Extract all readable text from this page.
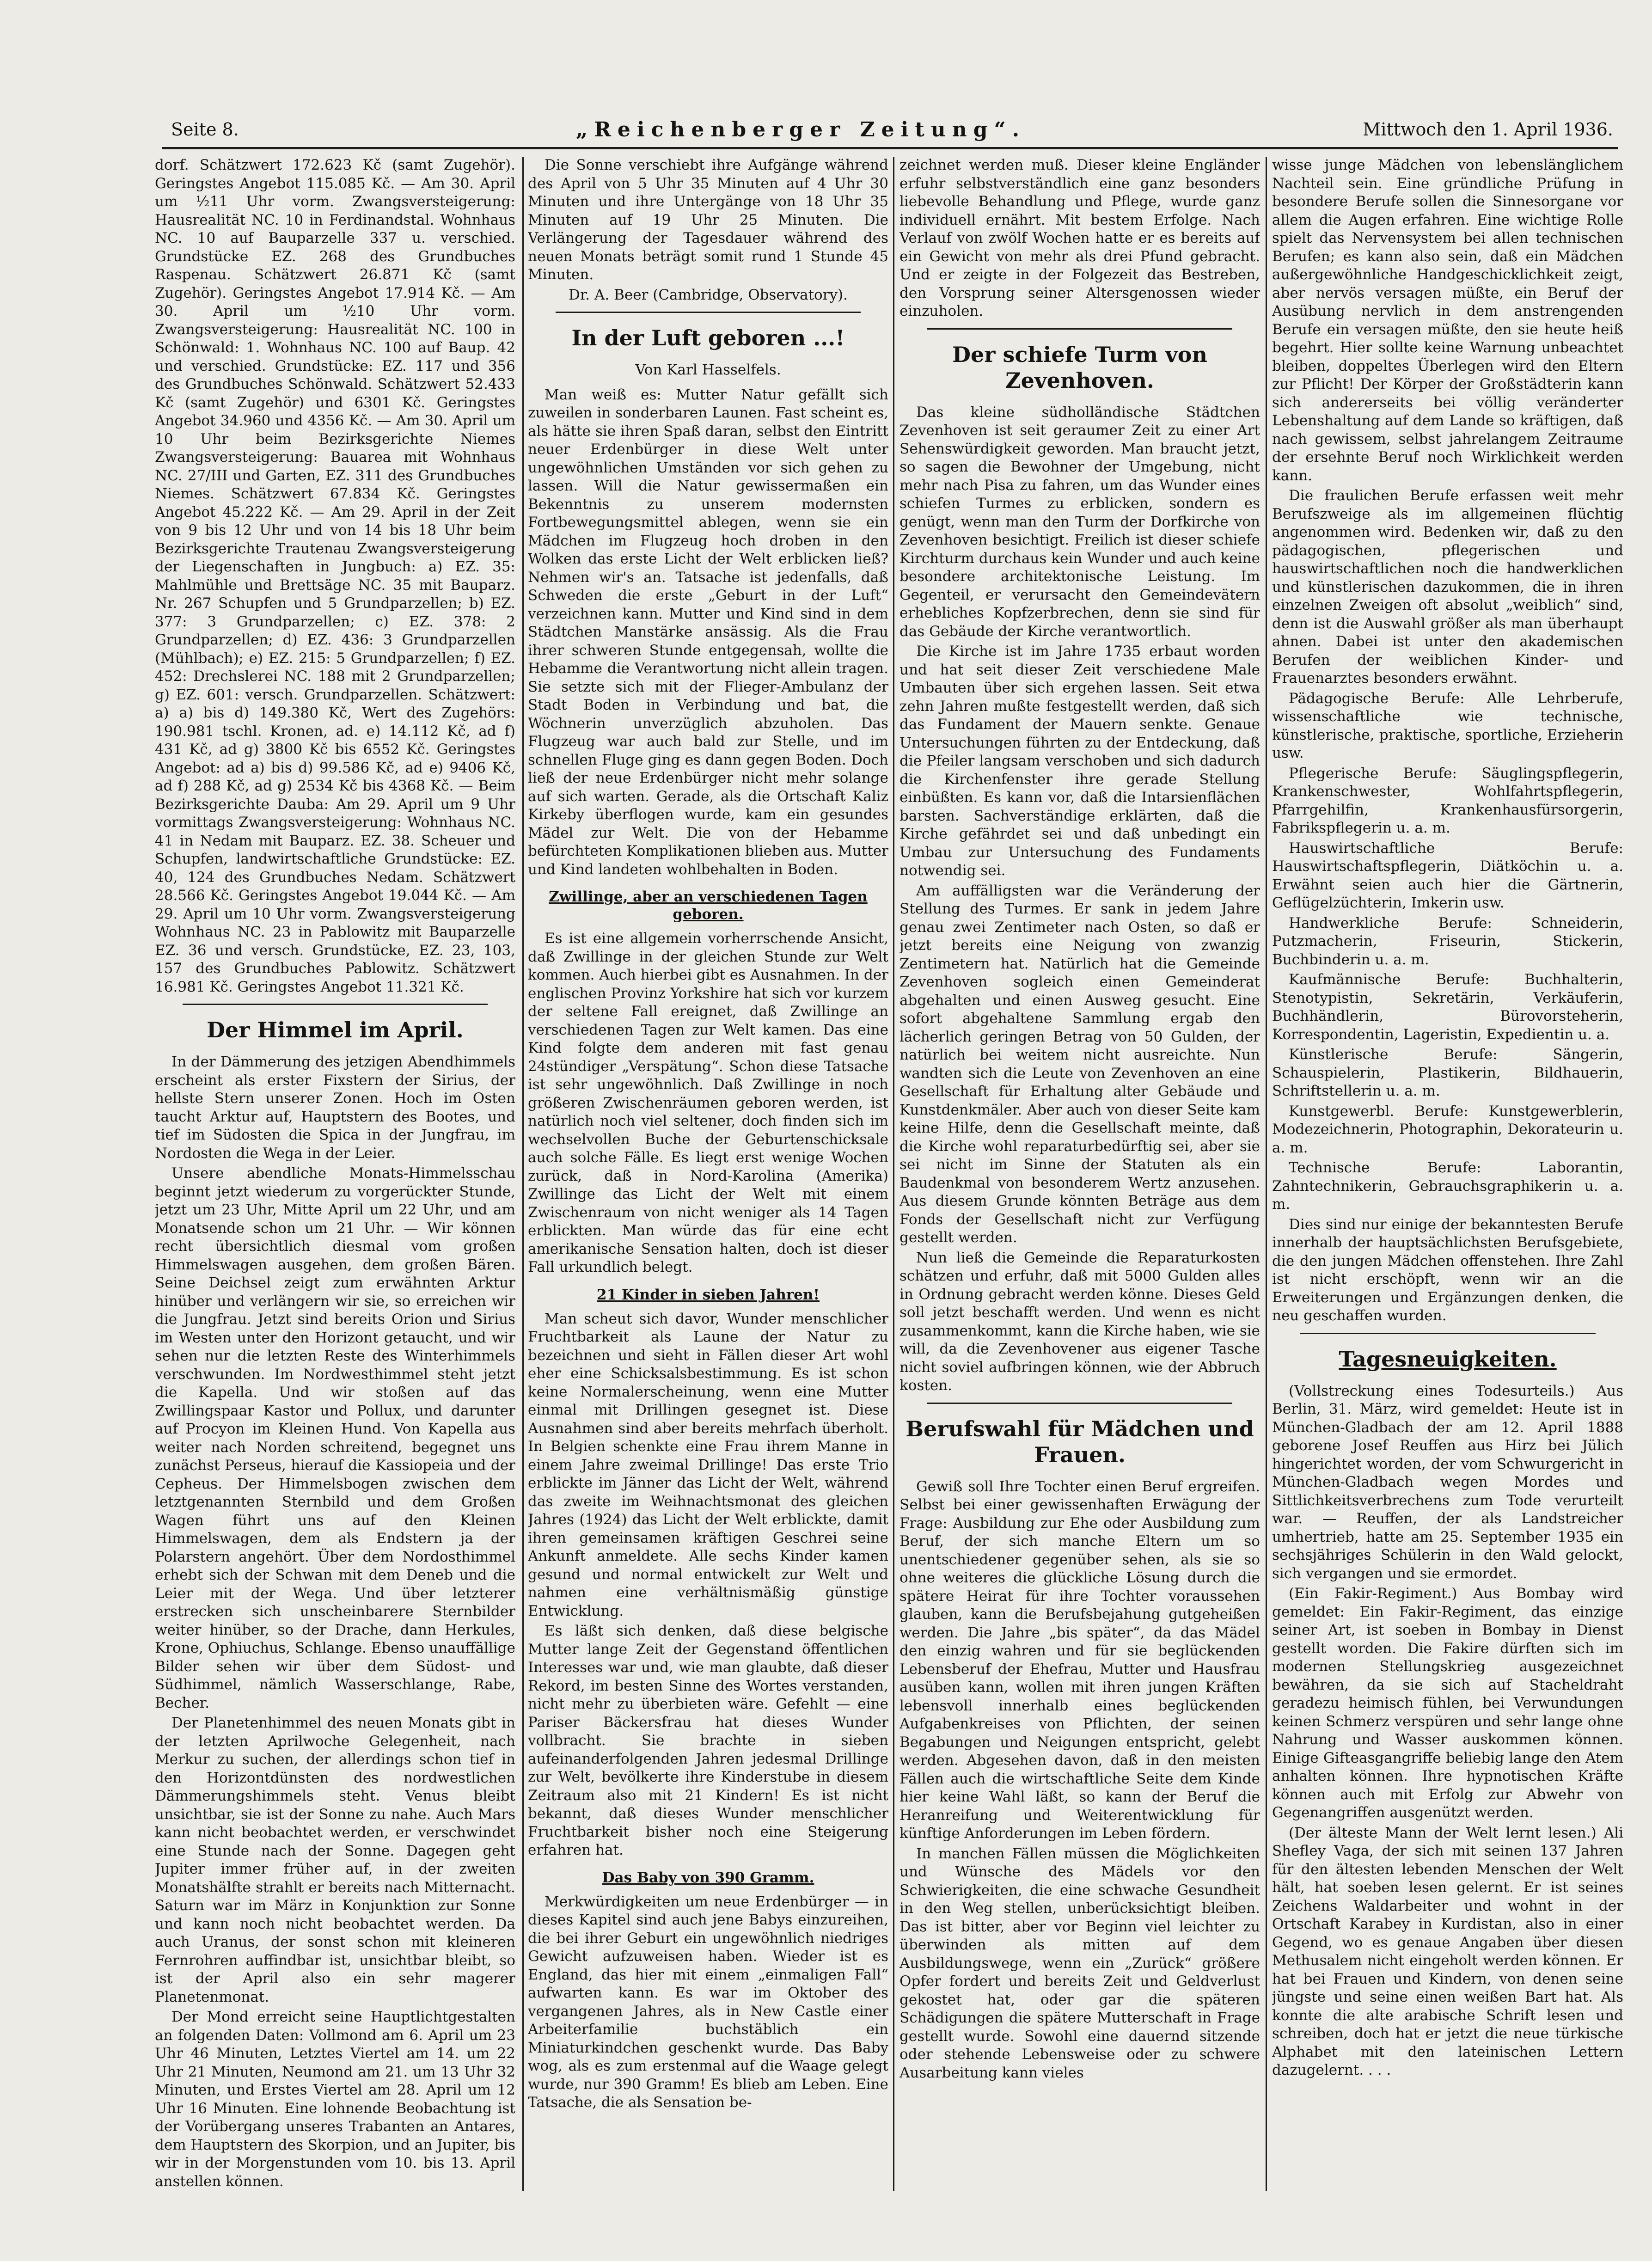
Seite 8.	„Reichenberger Zeitung“.	Mittwoch den 1. April 1936.

dorf. Schätzwert 172.623 Kč (samt Zugehör). Geringstes Angebot 115.085 Kč. — Am 30. April um ½11 Uhr vorm. Zwangsversteigerung: Hausrealität NC. 10 in Ferdinandstal. Wohnhaus NC. 10 auf Bauparzelle 337 u. verschied. Grundstücke EZ. 268 des Grundbuches Raspenau. Schätzwert 26.871 Kč (samt Zugehör). Geringstes Angebot 17.914 Kč. — Am 30. April um ½10 Uhr vorm. Zwangsversteigerung: Hausrealität NC. 100 in Schönwald: 1. Wohnhaus NC. 100 auf Baup. 42 und verschied. Grundstücke: EZ. 117 und 356 des Grundbuches Schönwald. Schätzwert 52.433 Kč (samt Zugehör) und 6301 Kč. Geringstes Angebot 34.960 und 4356 Kč. — Am 30. April um 10 Uhr beim Bezirksgerichte Niemes Zwangsversteigerung: Bauarea mit Wohnhaus NC. 27/III und Garten, EZ. 311 des Grundbuches Niemes. Schätzwert 67.834 Kč. Geringstes Angebot 45.222 Kč. — Am 29. April in der Zeit von 9 bis 12 Uhr und von 14 bis 18 Uhr beim Bezirksgerichte Trautenau Zwangsversteigerung der Liegenschaften in Jungbuch: a) EZ. 35: Mahlmühle und Brettsäge NC. 35 mit Bauparz. Nr. 267 Schupfen und 5 Grundparzellen; b) EZ. 377: 3 Grundparzellen; c) EZ. 378: 2 Grundparzellen; d) EZ. 436: 3 Grundparzellen (Mühlbach); e) EZ. 215: 5 Grundparzellen; f) EZ. 452: Drechslerei NC. 188 mit 2 Grundparzellen; g) EZ. 601: versch. Grundparzellen. Schätzwert: a) a) bis d) 149.380 Kč, Wert des Zugehörs: 190.981 tschl. Kronen, ad. e) 14.112 Kč, ad f) 431 Kč, ad g) 3800 Kč bis 6552 Kč. Geringstes Angebot: ad a) bis d) 99.586 Kč, ad e) 9406 Kč, ad f) 288 Kč, ad g) 2534 Kč bis 4368 Kč. — Beim Bezirksgerichte Dauba: Am 29. April um 9 Uhr vormittags Zwangsversteigerung: Wohnhaus NC. 41 in Nedam mit Bauparz. EZ. 38. Scheuer und Schupfen, landwirtschaftliche Grundstücke: EZ. 40, 124 des Grundbuches Nedam. Schätzwert 28.566 Kč. Geringstes Angebot 19.044 Kč. — Am 29. April um 10 Uhr vorm. Zwangsversteigerung Wohnhaus NC. 23 in Pablowitz mit Bauparzelle EZ. 36 und versch. Grundstücke, EZ. 23, 103, 157 des Grundbuches Pablowitz. Schätzwert 16.981 Kč. Geringstes Angebot 11.321 Kč.

Der Himmel im April.

In der Dämmerung des jetzigen Abendhimmels erscheint als erster Fixstern der Sirius, der hellste Stern unserer Zonen. Hoch im Osten taucht Arktur auf, Hauptstern des Bootes, und tief im Südosten die Spica in der Jungfrau, im Nordosten die Wega in der Leier.

Unsere abendliche Monats-Himmelsschau beginnt jetzt wiederum zu vorgerückter Stunde, jetzt um 23 Uhr, Mitte April um 22 Uhr, und am Monatsende schon um 21 Uhr. — Wir können recht übersichtlich diesmal vom großen Himmelswagen ausgehen, dem großen Bären. Seine Deichsel zeigt zum erwähnten Arktur hinüber und verlängern wir sie, so erreichen wir die Jungfrau. Jetzt sind bereits Orion und Sirius im Westen unter den Horizont getaucht, und wir sehen nur die letzten Reste des Winterhimmels verschwunden. Im Nordwesthimmel steht jetzt die Kapella. Und wir stoßen auf das Zwillingspaar Kastor und Pollux, und darunter auf Procyon im Kleinen Hund. Von Kapella aus weiter nach Norden schreitend, begegnet uns zunächst Perseus, hierauf die Kassiopeia und der Cepheus. Der Himmelsbogen zwischen dem letztgenannten Sternbild und dem Großen Wagen führt uns auf den Kleinen Himmelswagen, dem als Endstern ja der Polarstern angehört. Über dem Nordosthimmel erhebt sich der Schwan mit dem Deneb und die Leier mit der Wega. Und über letzterer erstrecken sich unscheinbarere Sternbilder weiter hinüber, so der Drache, dann Herkules, Krone, Ophiuchus, Schlange. Ebenso unauffällige Bilder sehen wir über dem Südost- und Südhimmel, nämlich Wasserschlange, Rabe, Becher.

Der Planetenhimmel des neuen Monats gibt in der letzten Aprilwoche Gelegenheit, nach Merkur zu suchen, der allerdings schon tief in den Horizontdünsten des nordwestlichen Dämmerungshimmels steht. Venus bleibt unsichtbar, sie ist der Sonne zu nahe. Auch Mars kann nicht beobachtet werden, er verschwindet eine Stunde nach der Sonne. Dagegen geht Jupiter immer früher auf, in der zweiten Monatshälfte strahlt er bereits nach Mitternacht. Saturn war im März in Konjunktion zur Sonne und kann noch nicht beobachtet werden. Da auch Uranus, der sonst schon mit kleineren Fernrohren auffindbar ist, unsichtbar bleibt, so ist der April also ein sehr magerer Planetenmonat.

Der Mond erreicht seine Hauptlichtgestalten an folgenden Daten: Vollmond am 6. April um 23 Uhr 46 Minuten, Letztes Viertel am 14. um 22 Uhr 21 Minuten, Neumond am 21. um 13 Uhr 32 Minuten, und Erstes Viertel am 28. April um 12 Uhr 16 Minuten. Eine lohnende Beobachtung ist der Vorübergang unseres Trabanten an Antares, dem Hauptstern des Skorpion, und an Jupiter, bis wir in der Morgenstunden vom 10. bis 13. April anstellen können.

Die Sonne verschiebt ihre Aufgänge während des April von 5 Uhr 35 Minuten auf 4 Uhr 30 Minuten und ihre Untergänge von 18 Uhr 35 Minuten auf 19 Uhr 25 Minuten. Die Verlängerung der Tagesdauer während des neuen Monats beträgt somit rund 1 Stunde 45 Minuten.

Dr. A. Beer (Cambridge, Observatory).

In der Luft geboren ...!

Von Karl Hasselfels.

Man weiß es: Mutter Natur gefällt sich zuweilen in sonderbaren Launen. Fast scheint es, als hätte sie ihren Spaß daran, selbst den Eintritt neuer Erdenbürger in diese Welt unter ungewöhnlichen Umständen vor sich gehen zu lassen. Will die Natur gewissermaßen ein Bekenntnis zu unserem modernsten Fortbewegungsmittel ablegen, wenn sie ein Mädchen im Flugzeug hoch droben in den Wolken das erste Licht der Welt erblicken ließ? Nehmen wir's an. Tatsache ist jedenfalls, daß Schweden die erste „Geburt in der Luft“ verzeichnen kann. Mutter und Kind sind in dem Städtchen Manstärke ansässig. Als die Frau ihrer schweren Stunde entgegensah, wollte die Hebamme die Verantwortung nicht allein tragen. Sie setzte sich mit der Flieger-Ambulanz der Stadt Boden in Verbindung und bat, die Wöchnerin unverzüglich abzuholen. Das Flugzeug war auch bald zur Stelle, und im schnellen Fluge ging es dann gegen Boden. Doch ließ der neue Erdenbürger nicht mehr solange auf sich warten. Gerade, als die Ortschaft Kaliz Kirkeby überflogen wurde, kam ein gesundes Mädel zur Welt. Die von der Hebamme befürchteten Komplikationen blieben aus. Mutter und Kind landeten wohlbehalten in Boden.

Zwillinge, aber an verschiedenen Tagen geboren.

Es ist eine allgemein vorherrschende Ansicht, daß Zwillinge in der gleichen Stunde zur Welt kommen. Auch hierbei gibt es Ausnahmen. In der englischen Provinz Yorkshire hat sich vor kurzem der seltene Fall ereignet, daß Zwillinge an verschiedenen Tagen zur Welt kamen. Das eine Kind folgte dem anderen mit fast genau 24stündiger „Verspätung“. Schon diese Tatsache ist sehr ungewöhnlich. Daß Zwillinge in noch größeren Zwischenräumen geboren werden, ist natürlich noch viel seltener, doch finden sich im wechselvollen Buche der Geburtenschicksale auch solche Fälle. Es liegt erst wenige Wochen zurück, daß in Nord-Karolina (Amerika) Zwillinge das Licht der Welt mit einem Zwischenraum von nicht weniger als 14 Tagen erblickten. Man würde das für eine echt amerikanische Sensation halten, doch ist dieser Fall urkundlich belegt.

21 Kinder in sieben Jahren!

Man scheut sich davor, Wunder menschlicher Fruchtbarkeit als Laune der Natur zu bezeichnen und sieht in Fällen dieser Art wohl eher eine Schicksalsbestimmung. Es ist schon keine Normalerscheinung, wenn eine Mutter einmal mit Drillingen gesegnet ist. Diese Ausnahmen sind aber bereits mehrfach überholt. In Belgien schenkte eine Frau ihrem Manne in einem Jahre zweimal Drillinge! Das erste Trio erblickte im Jänner das Licht der Welt, während das zweite im Weihnachtsmonat des gleichen Jahres (1924) das Licht der Welt erblickte, damit ihren gemeinsamen kräftigen Geschrei seine Ankunft anmeldete. Alle sechs Kinder kamen gesund und normal entwickelt zur Welt und nahmen eine verhältnismäßig günstige Entwicklung.

Es läßt sich denken, daß diese belgische Mutter lange Zeit der Gegenstand öffentlichen Interesses war und, wie man glaubte, daß dieser Rekord, im besten Sinne des Wortes verstanden, nicht mehr zu überbieten wäre. Gefehlt — eine Pariser Bäckersfrau hat dieses Wunder vollbracht. Sie brachte in sieben aufeinanderfolgenden Jahren jedesmal Drillinge zur Welt, bevölkerte ihre Kinderstube in diesem Zeitraum also mit 21 Kindern! Es ist nicht bekannt, daß dieses Wunder menschlicher Fruchtbarkeit bisher noch eine Steigerung erfahren hat.

Das Baby von 390 Gramm.

Merkwürdigkeiten um neue Erdenbürger — in dieses Kapitel sind auch jene Babys einzureihen, die bei ihrer Geburt ein ungewöhnlich niedriges Gewicht aufzuweisen haben. Wieder ist es England, das hier mit einem „einmaligen Fall“ aufwarten kann. Es war im Oktober des vergangenen Jahres, als in New Castle einer Arbeiterfamilie buchstäblich ein Miniaturkindchen geschenkt wurde. Das Baby wog, als es zum erstenmal auf die Waage gelegt wurde, nur 390 Gramm! Es blieb am Leben. Eine Tatsache, die als Sensation be-

zeichnet werden muß. Dieser kleine Engländer erfuhr selbstverständlich eine ganz besonders liebevolle Behandlung und Pflege, wurde ganz individuell ernährt. Mit bestem Erfolge. Nach Verlauf von zwölf Wochen hatte er es bereits auf ein Gewicht von mehr als drei Pfund gebracht. Und er zeigte in der Folgezeit das Bestreben, den Vorsprung seiner Altersgenossen wieder einzuholen.

Der schiefe Turm von Zevenhoven.

Das kleine südholländische Städtchen Zevenhoven ist seit geraumer Zeit zu einer Art Sehenswürdigkeit geworden. Man braucht jetzt, so sagen die Bewohner der Umgebung, nicht mehr nach Pisa zu fahren, um das Wunder eines schiefen Turmes zu erblicken, sondern es genügt, wenn man den Turm der Dorfkirche von Zevenhoven besichtigt. Freilich ist dieser schiefe Kirchturm durchaus kein Wunder und auch keine besondere architektonische Leistung. Im Gegenteil, er verursacht den Gemeindevätern erhebliches Kopfzerbrechen, denn sie sind für das Gebäude der Kirche verantwortlich.

Die Kirche ist im Jahre 1735 erbaut worden und hat seit dieser Zeit verschiedene Male Umbauten über sich ergehen lassen. Seit etwa zehn Jahren mußte festgestellt werden, daß sich das Fundament der Mauern senkte. Genaue Untersuchungen führten zu der Entdeckung, daß die Pfeiler langsam verschoben und sich dadurch die Kirchenfenster ihre gerade Stellung einbüßten. Es kann vor, daß die Intarsienflächen barsten. Sachverständige erklärten, daß die Kirche gefährdet sei und daß unbedingt ein Umbau zur Untersuchung des Fundaments notwendig sei.

Am auffälligsten war die Veränderung der Stellung des Turmes. Er sank in jedem Jahre genau zwei Zentimeter nach Osten, so daß er jetzt bereits eine Neigung von zwanzig Zentimetern hat. Natürlich hat die Gemeinde Zevenhoven sogleich einen Gemeinderat abgehalten und einen Ausweg gesucht. Eine sofort abgehaltene Sammlung ergab den lächerlich geringen Betrag von 50 Gulden, der natürlich bei weitem nicht ausreichte. Nun wandten sich die Leute von Zevenhoven an eine Gesellschaft für Erhaltung alter Gebäude und Kunstdenkmäler. Aber auch von dieser Seite kam keine Hilfe, denn die Gesellschaft meinte, daß die Kirche wohl reparaturbedürftig sei, aber sie sei nicht im Sinne der Statuten als ein Baudenkmal von besonderem Wertz anzusehen. Aus diesem Grunde könnten Beträge aus dem Fonds der Gesellschaft nicht zur Verfügung gestellt werden.

Nun ließ die Gemeinde die Reparaturkosten schätzen und erfuhr, daß mit 5000 Gulden alles in Ordnung gebracht werden könne. Dieses Geld soll jetzt beschafft werden. Und wenn es nicht zusammenkommt, kann die Kirche haben, wie sie will, da die Zevenhovener aus eigener Tasche nicht soviel aufbringen können, wie der Abbruch kosten.

Berufswahl für Mädchen und Frauen.

Gewiß soll Ihre Tochter einen Beruf ergreifen. Selbst bei einer gewissenhaften Erwägung der Frage: Ausbildung zur Ehe oder Ausbildung zum Beruf, der sich manche Eltern um so unentschiedener gegenüber sehen, als sie so ohne weiteres die glückliche Lösung durch die spätere Heirat für ihre Tochter voraussehen glauben, kann die Berufsbejahung gutgeheißen werden. Die Jahre „bis später“, da das Mädel den einzig wahren und für sie beglückenden Lebensberuf der Ehefrau, Mutter und Hausfrau ausüben kann, wollen mit ihren jungen Kräften lebensvoll innerhalb eines beglückenden Aufgabenkreises von Pflichten, der seinen Begabungen und Neigungen entspricht, gelebt werden. Abgesehen davon, daß in den meisten Fällen auch die wirtschaftliche Seite dem Kinde hier keine Wahl läßt, so kann der Beruf die Heranreifung und Weiterentwicklung für künftige Anforderungen im Leben fördern.

In manchen Fällen müssen die Möglichkeiten und Wünsche des Mädels vor den Schwierigkeiten, die eine schwache Gesundheit in den Weg stellen, unberücksichtigt bleiben. Das ist bitter, aber vor Beginn viel leichter zu überwinden als mitten auf dem Ausbildungswege, wenn ein „Zurück“ größere Opfer fordert und bereits Zeit und Geldverlust gekostet hat, oder gar die späteren Schädigungen die spätere Mutterschaft in Frage gestellt wurde. Sowohl eine dauernd sitzende oder stehende Lebensweise oder zu schwere Ausarbeitung kann vieles

wisse junge Mädchen von lebenslänglichem Nachteil sein. Eine gründliche Prüfung in besondere Berufe sollen die Sinnesorgane vor allem die Augen erfahren. Eine wichtige Rolle spielt das Nervensystem bei allen technischen Berufen; es kann also sein, daß ein Mädchen außergewöhnliche Handgeschicklichkeit zeigt, aber nervös versagen müßte, ein Beruf der Ausübung nervlich in dem anstrengenden Berufe ein versagen müßte, den sie heute heiß begehrt. Hier sollte keine Warnung unbeachtet bleiben, doppeltes Überlegen wird den Eltern zur Pflicht! Der Körper der Großstädterin kann sich andererseits bei völlig veränderter Lebenshaltung auf dem Lande so kräftigen, daß nach gewissem, selbst jahrelangem Zeitraume der ersehnte Beruf noch Wirklichkeit werden kann.

Die fraulichen Berufe erfassen weit mehr Berufszweige als im allgemeinen flüchtig angenommen wird. Bedenken wir, daß zu den pädagogischen, pflegerischen und hauswirtschaftlichen noch die handwerklichen und künstlerischen dazukommen, die in ihren einzelnen Zweigen oft absolut „weiblich“ sind, denn ist die Auswahl größer als man überhaupt ahnen. Dabei ist unter den akademischen Berufen der weiblichen Kinder- und Frauenarztes besonders erwähnt.

Pädagogische Berufe: Alle Lehrberufe, wissenschaftliche wie technische, künstlerische, praktische, sportliche, Erzieherin usw.

Pflegerische Berufe: Säuglingspflegerin, Krankenschwester, Wohlfahrtspflegerin, Pfarrgehilfin, Krankenhausfürsorgerin, Fabrikspflegerin u. a. m.

Hauswirtschaftliche Berufe: Hauswirtschaftspflegerin, Diätköchin u. a. Erwähnt seien auch hier die Gärtnerin, Geflügelzüchterin, Imkerin usw.

Handwerkliche Berufe: Schneiderin, Putzmacherin, Friseurin, Stickerin, Buchbinderin u. a. m.

Kaufmännische Berufe: Buchhalterin, Stenotypistin, Sekretärin, Verkäuferin, Buchhändlerin, Bürovorsteherin, Korrespondentin, Lageristin, Expedientin u. a.

Künstlerische Berufe: Sängerin, Schauspielerin, Plastikerin, Bildhauerin, Schriftstellerin u. a. m.

Kunstgewerbl. Berufe: Kunstgewerblerin, Modezeichnerin, Photographin, Dekorateurin u. a. m.

Technische Berufe: Laborantin, Zahntechnikerin, Gebrauchsgraphikerin u. a. m.

Dies sind nur einige der bekanntesten Berufe innerhalb der hauptsächlichsten Berufsgebiete, die den jungen Mädchen offenstehen. Ihre Zahl ist nicht erschöpft, wenn wir an die Erweiterungen und Ergänzungen denken, die neu geschaffen wurden.

Tagesneuigkeiten.

(Vollstreckung eines Todesurteils.) Aus Berlin, 31. März, wird gemeldet: Heute ist in München-Gladbach der am 12. April 1888 geborene Josef Reuffen aus Hirz bei Jülich hingerichtet worden, der vom Schwurgericht in München-Gladbach wegen Mordes und Sittlichkeitsverbrechens zum Tode verurteilt war. — Reuffen, der als Landstreicher umhertrieb, hatte am 25. September 1935 ein sechsjähriges Schülerin in den Wald gelockt, sich vergangen und sie ermordet.

(Ein Fakir-Regiment.) Aus Bombay wird gemeldet: Ein Fakir-Regiment, das einzige seiner Art, ist soeben in Bombay in Dienst gestellt worden. Die Fakire dürften sich im modernen Stellungskrieg ausgezeichnet bewähren, da sie sich auf Stacheldraht geradezu heimisch fühlen, bei Verwundungen keinen Schmerz verspüren und sehr lange ohne Nahrung und Wasser auskommen können. Einige Gifteasgangriffe beliebig lange den Atem anhalten können. Ihre hypnotischen Kräfte können auch mit Erfolg zur Abwehr von Gegenangriffen ausgenützt werden.

(Der älteste Mann der Welt lernt lesen.) Ali Shefley Vaga, der sich mit seinen 137 Jahren für den ältesten lebenden Menschen der Welt hält, hat soeben lesen gelernt. Er ist seines Zeichens Waldarbeiter und wohnt in der Ortschaft Karabey in Kurdistan, also in einer Gegend, wo es genaue Angaben über diesen Methusalem nicht eingeholt werden können. Er hat bei Frauen und Kindern, von denen seine jüngste und seine einen weißen Bart hat. Als konnte die alte arabische Schrift lesen und schreiben, doch hat er jetzt die neue türkische Alphabet mit den lateinischen Lettern dazugelernt. . . .
